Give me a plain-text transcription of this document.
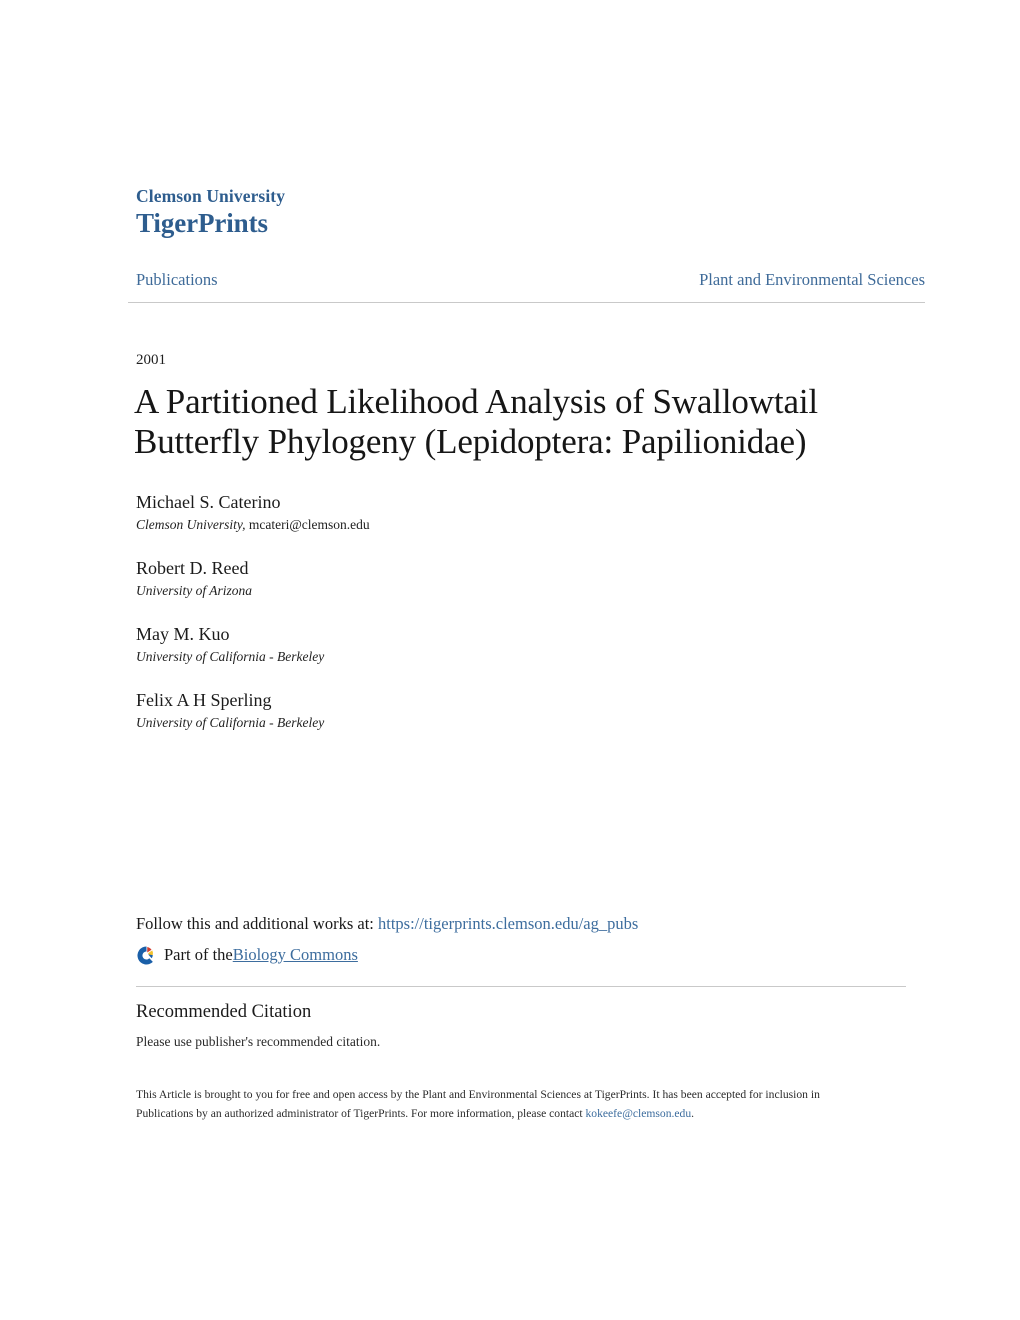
Clemson University
TigerPrints
Publications	Plant and Environmental Sciences
2001
A Partitioned Likelihood Analysis of Swallowtail Butterfly Phylogeny (Lepidoptera: Papilionidae)
Michael S. Caterino
Clemson University, mcateri@clemson.edu
Robert D. Reed
University of Arizona
May M. Kuo
University of California - Berkeley
Felix A H Sperling
University of California - Berkeley
Follow this and additional works at: https://tigerprints.clemson.edu/ag_pubs
Part of the Biology Commons
Recommended Citation
Please use publisher's recommended citation.
This Article is brought to you for free and open access by the Plant and Environmental Sciences at TigerPrints. It has been accepted for inclusion in Publications by an authorized administrator of TigerPrints. For more information, please contact kokeefe@clemson.edu.
